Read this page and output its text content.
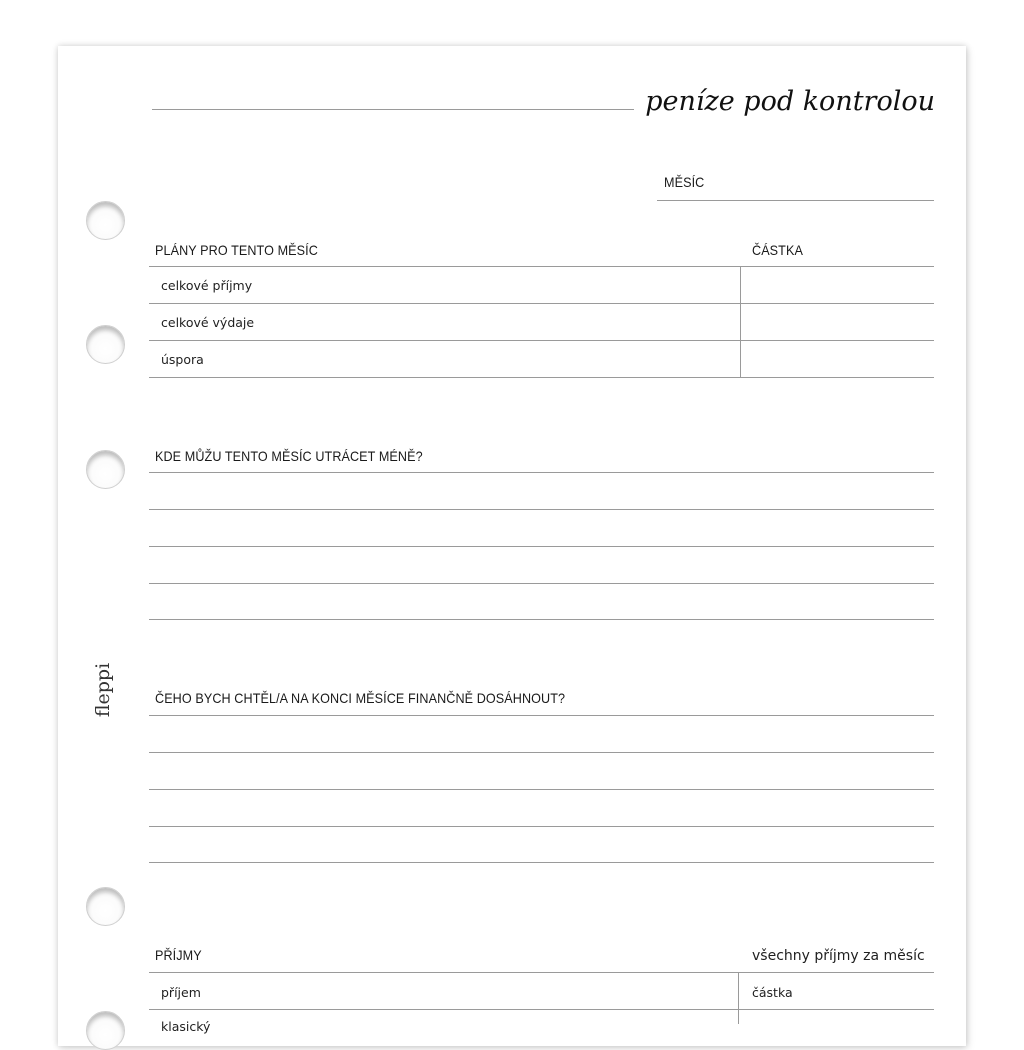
fleppi
peníze pod kontrolou
MĚSÍC
PLÁNY PRO TENTO MĚSÍC	ČÁSTKA
celkové příjmy
celkové výdaje
úspora
KDE MŮŽU TENTO MĚSÍC UTRÁCET MÉNĚ?
ČEHO BYCH CHTĚL/A NA KONCI MĚSÍCE FINANČNĚ DOSÁHNOUT?
PŘÍJMY	všechny příjmy za měsíc
příjem	částka
klasický
